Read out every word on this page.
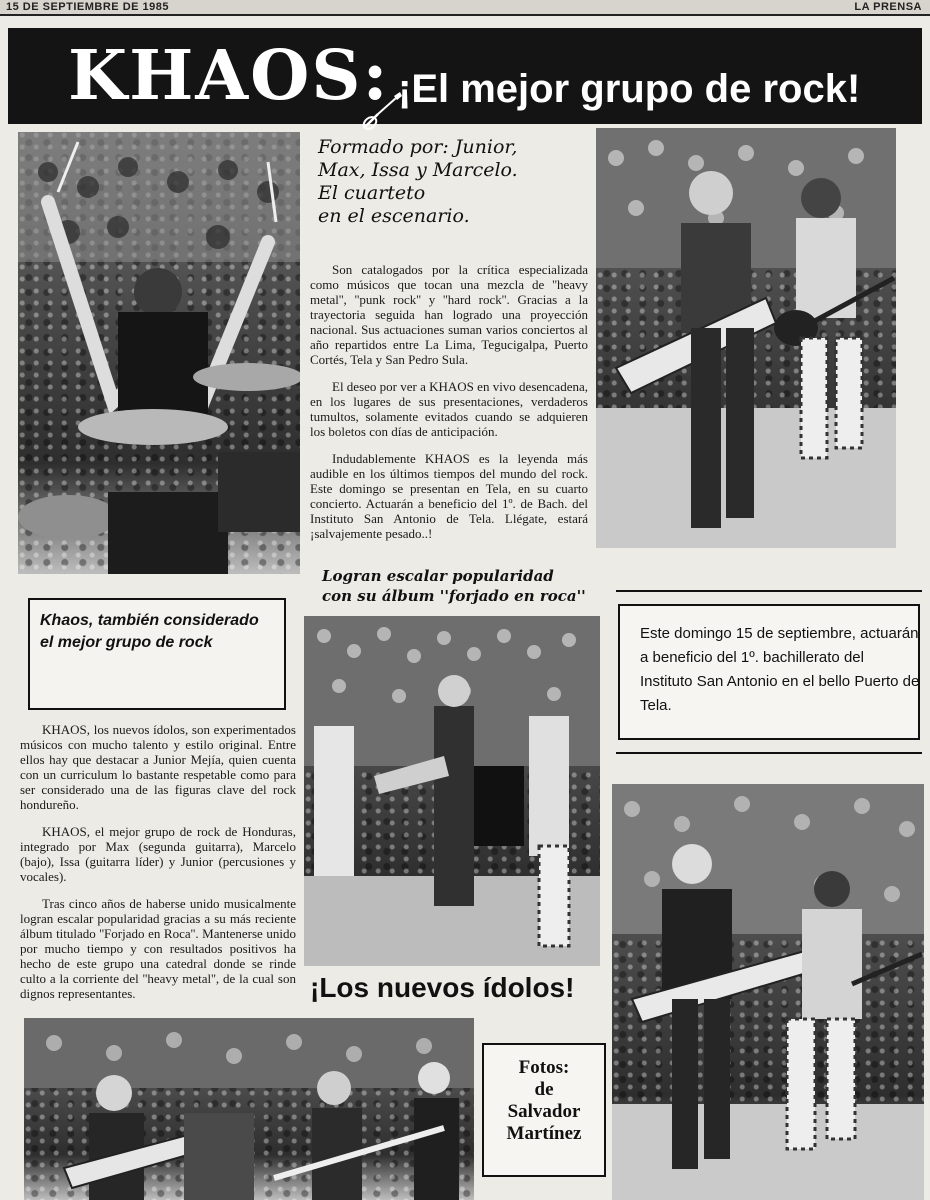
15 DE SEPTIEMBRE DE 1985	LA PRENSA
KHAOS: ¡El mejor grupo de rock!
Formado por: Junior,
Max, Issa y Marcelo.
El cuarteto
en el escenario.

Son catalogados por la crítica especializada como músicos que tocan una mezcla de ''heavy metal'', ''punk rock'' y ''hard rock''. Gracias a la trayectoria seguida han logrado una proyección nacional. Sus actuaciones suman varios conciertos al año repartidos entre La Lima, Tegucigalpa, Puerto Cortés, Tela y San Pedro Sula.

El deseo por ver a KHAOS en vivo desencadena, en los lugares de sus presentaciones, verdaderos tumultos, solamente evitados cuando se adquieren los boletos con días de anticipación.

Indudablemente KHAOS es la leyenda más audible en los últimos tiempos del mundo del rock. Este domingo se presentan en Tela, en su cuarto concierto. Actuarán a beneficio del 1º. de Bach. del Instituto San Antonio de Tela. Llégate, estará ¡salvajemente pesado..!

Logran escalar popularidad
con su álbum ''forjado en roca''
Khaos, también considerado
el mejor grupo de rock

KHAOS, los nuevos ídolos, son experimentados músicos con mucho talento y estilo original. Entre ellos hay que destacar a Junior Mejía, quien cuenta con un curriculum lo bastante respetable como para ser considerado una de las figuras clave del rock hondureño.

KHAOS, el mejor grupo de rock de Honduras, integrado por Max (segunda guitarra), Marcelo (bajo), Issa (guitarra líder) y Junior (percusiones y vocales).

Tras cinco años de haberse unido musicalmente logran escalar popularidad gracias a su más reciente álbum titulado ''Forjado en Roca''. Mantenerse unido por mucho tiempo y con resultados positivos ha hecho de este grupo una catedral donde se rinde culto a la corriente del ''heavy metal'', de la cual son dignos representantes.

Este domingo 15 de septiembre, actuarán a beneficio del 1º. bachillerato del Instituto San Antonio en el bello Puerto de Tela.
¡Los nuevos ídolos!
Fotos:
de
Salvador
Martínez
